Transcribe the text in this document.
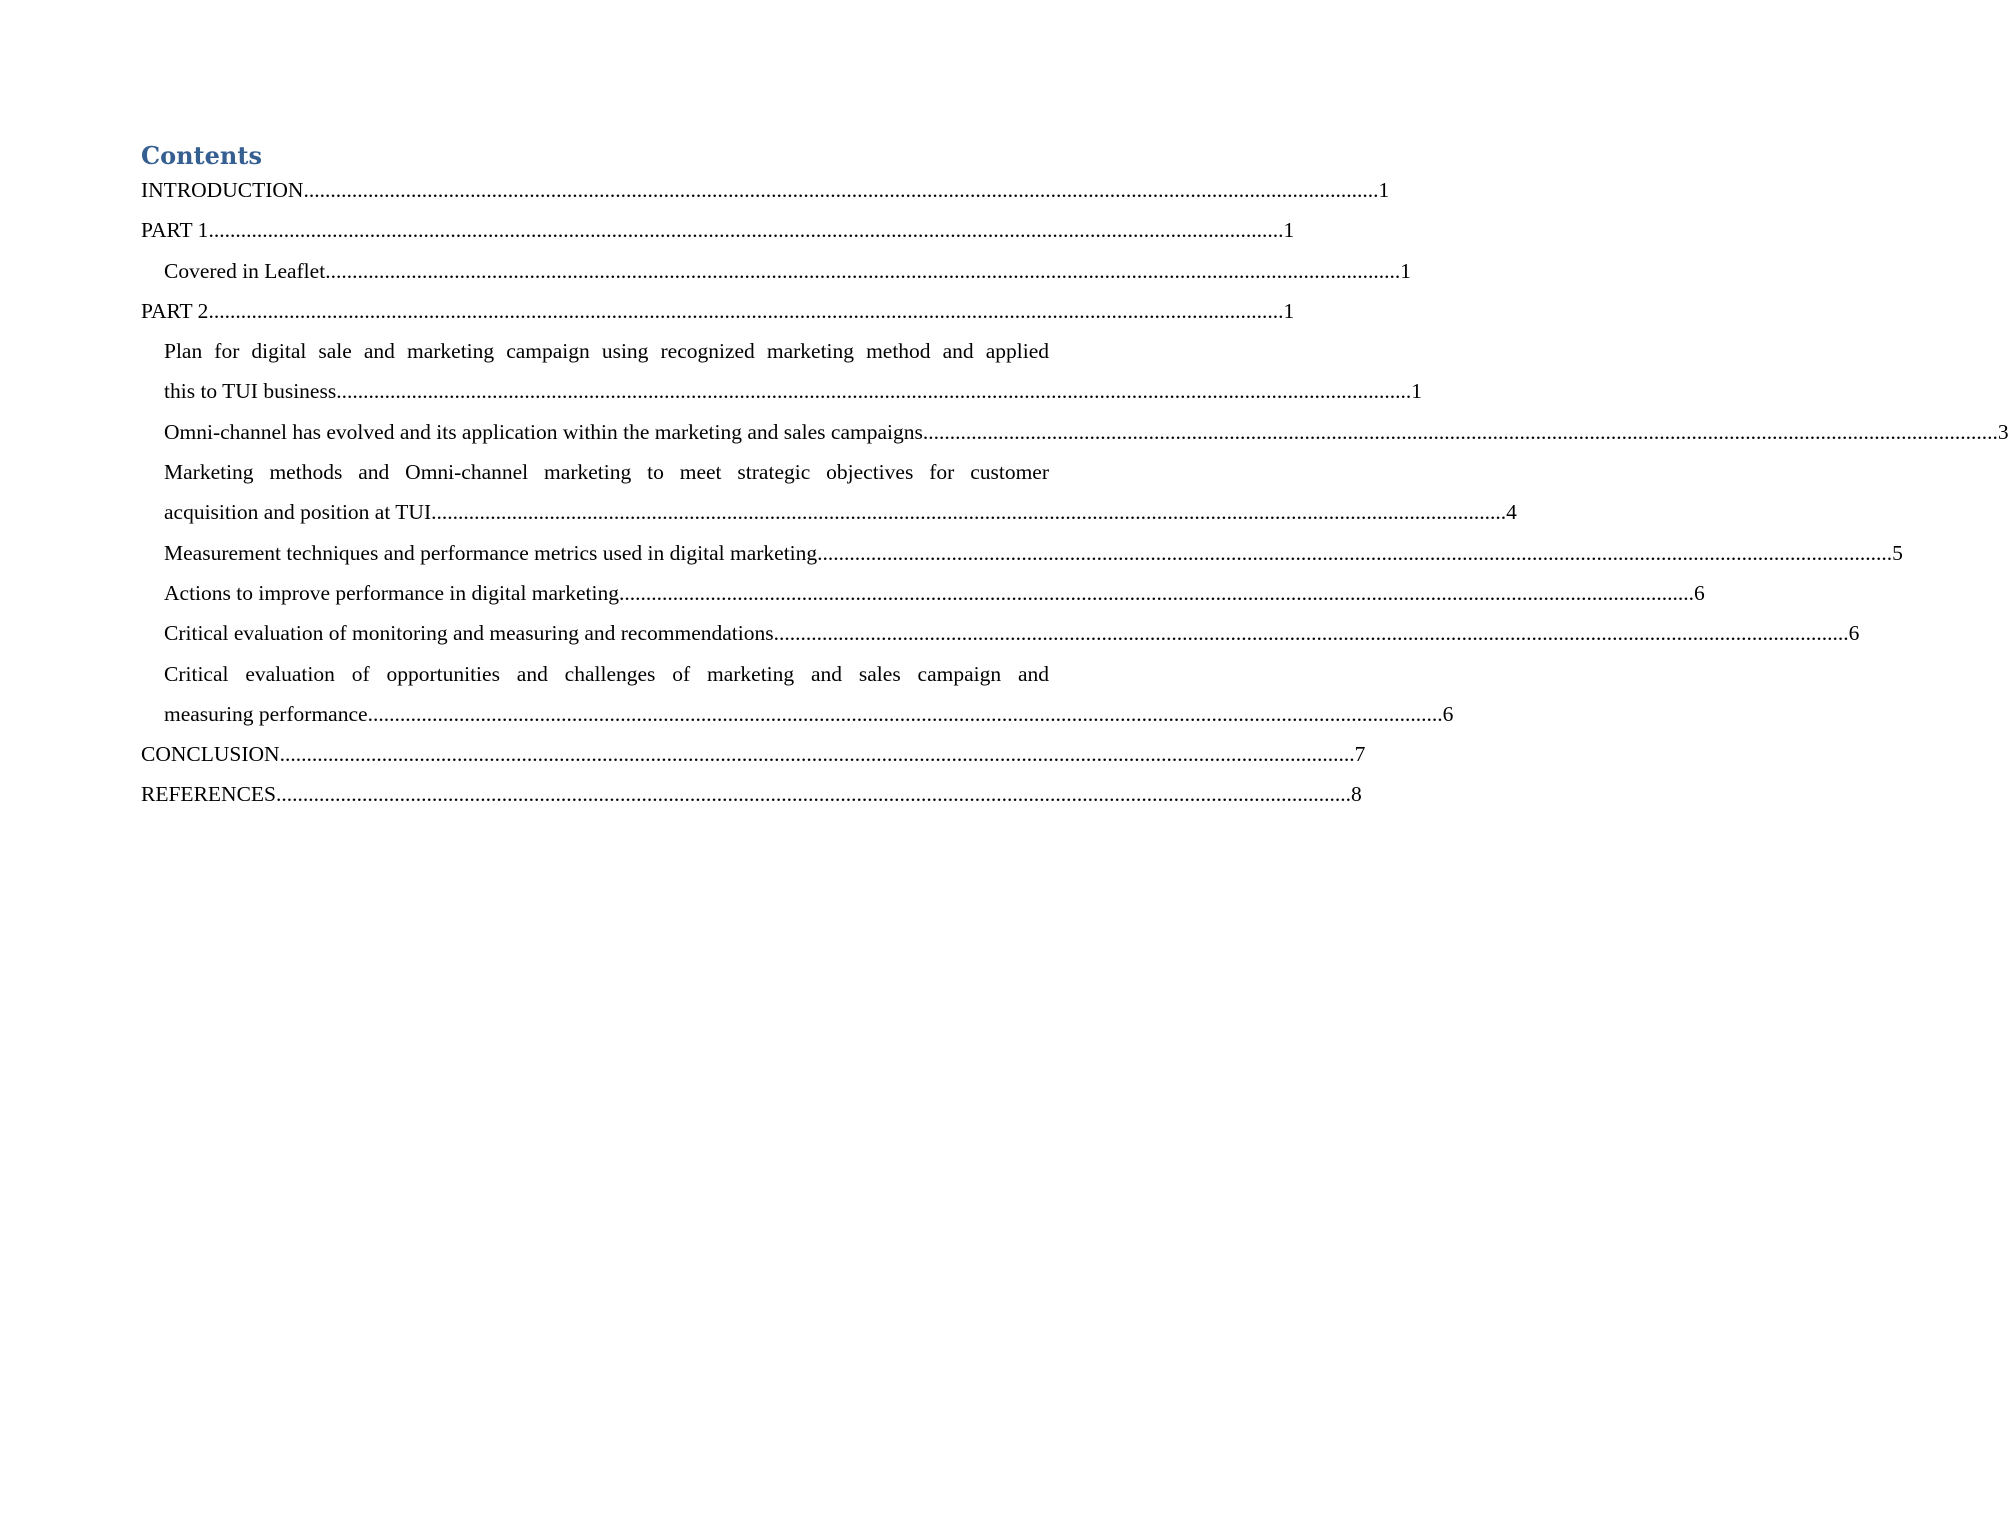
Contents
INTRODUCTION ........................................................................................................................................................................................................ 1
PART 1 ........................................................................................................................................................................................................ 1
Covered in Leaflet ........................................................................................................................................................................................................ 1
PART 2 ........................................................................................................................................................................................................ 1
Plan for digital sale and marketing campaign using recognized marketing method and applied
this to TUI business ........................................................................................................................................................................................................ 1
Omni-channel has evolved and its application within the marketing and sales campaigns ........................................................................................................................................................................................................ 3
Marketing methods and Omni-channel marketing to meet strategic objectives for customer
acquisition and position at TUI ........................................................................................................................................................................................................ 4
Measurement techniques and performance metrics used in digital marketing ........................................................................................................................................................................................................ 5
Actions to improve performance in digital marketing ........................................................................................................................................................................................................ 6
Critical evaluation of monitoring and measuring and recommendations ........................................................................................................................................................................................................ 6
Critical evaluation of opportunities and challenges of marketing and sales campaign and
measuring performance ........................................................................................................................................................................................................ 6
CONCLUSION ........................................................................................................................................................................................................ 7
REFERENCES ........................................................................................................................................................................................................ 8
